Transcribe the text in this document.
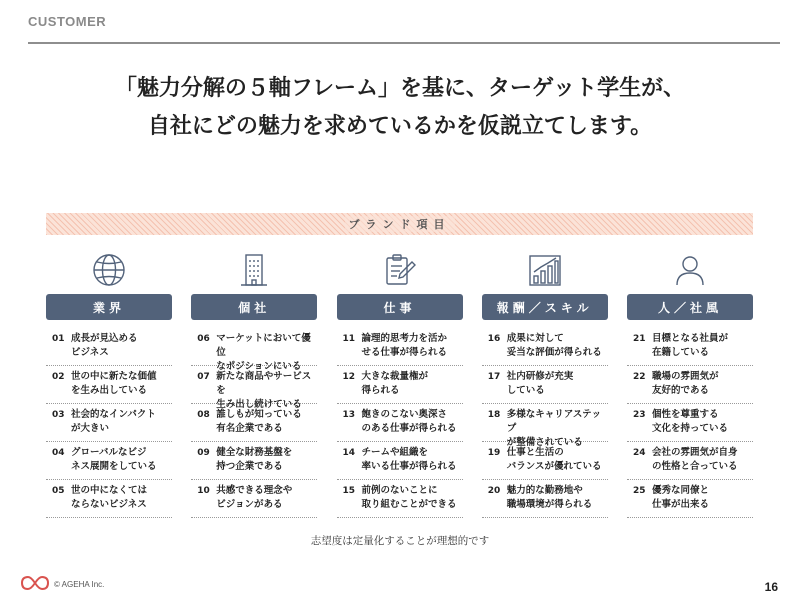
CUSTOMER
「魅力分解の５軸フレーム」を基に、ターゲット学生が、
自社にどの魅力を求めているかを仮説立てします。
ブランド項目
業界
01 成長が見込める
ビジネス
02 世の中に新たな価値
を生み出している
03 社会的なインパクト
が大きい
04 グローバルなビジ
ネス展開をしている
05 世の中になくては
ならないビジネス
個社
06 マーケットにおいて優位
なポジションにいる
07 新たな商品やサービスを
生み出し続けている
08 誰しもが知っている
有名企業である
09 健全な財務基盤を
持つ企業である
10 共感できる理念や
ビジョンがある
仕事
11 論理的思考力を活か
せる仕事が得られる
12 大きな裁量権が
得られる
13 飽きのこない奥深さ
のある仕事が得られる
14 チームや組織を
率いる仕事が得られる
15 前例のないことに
取り組むことができる
報酬／スキル
16 成果に対して
妥当な評価が得られる
17 社内研修が充実
している
18 多様なキャリアステップ
が整備されている
19 仕事と生活の
バランスが優れている
20 魅力的な勤務地や
職場環境が得られる
人／社風
21 目標となる社員が
在籍している
22 職場の雰囲気が
友好的である
23 個性を尊重する
文化を持っている
24 会社の雰囲気が自身
の性格と合っている
25 優秀な同僚と
仕事が出来る
志望度は定量化することが理想的です
© AGEHA Inc.	16
